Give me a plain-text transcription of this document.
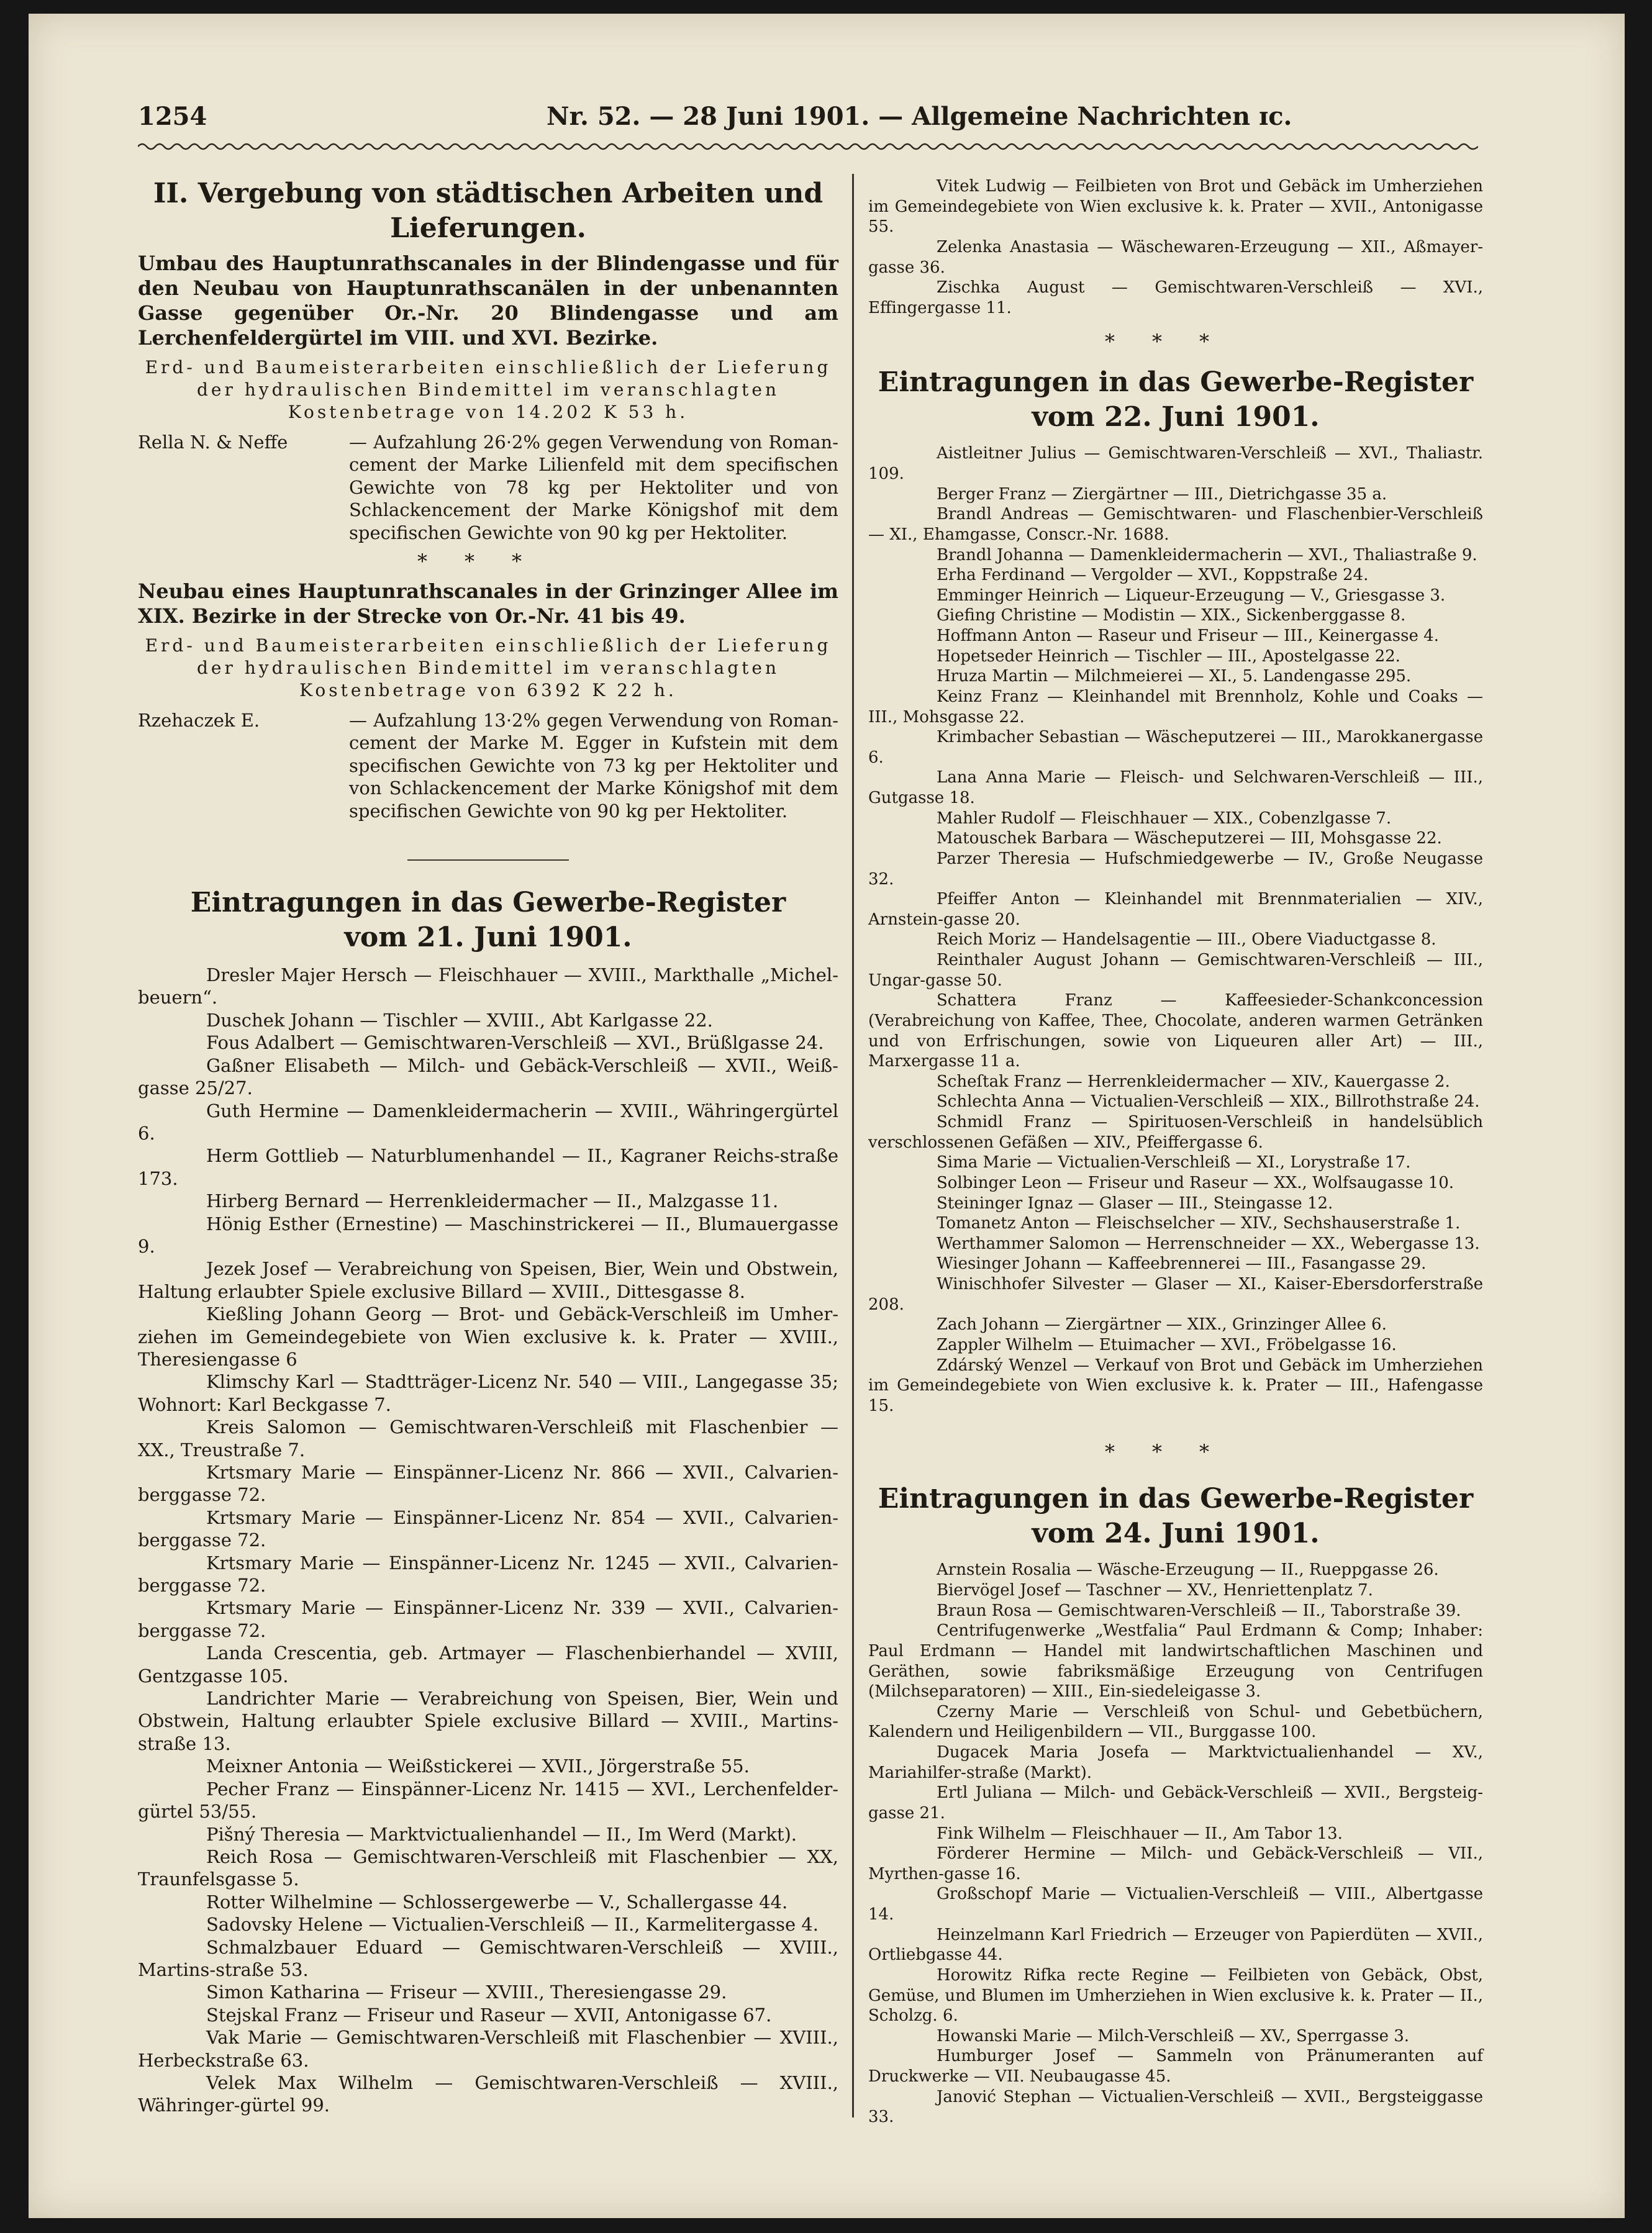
1254	Nr. 52. — 28 Juni 1901. — Allgemeine Nachrichten ɪc.

II. Vergebung von städtischen Arbeiten und

Lieferungen.

Umbau des Hauptunrathscanales in der Blindengasse und für den Neubau von Hauptunrathscanälen in der unbenannten Gasse gegenüber Or.-Nr. 20 Blindengasse und am Lerchenfeldergürtel im VIII. und XVI. Bezirke.

Erd- und Baumeisterarbeiten einschließlich der Lieferung der hydraulischen Bindemittel im veranschlagten Kostenbetrage von 14.202 K 53 h.

Rella N. & Neffe	— Aufzahlung 26·2% gegen Verwendung von Roman-cement der Marke Lilienfeld mit dem specifischen Gewichte von 78 kg per Hektoliter und von Schlackencement der Marke Königshof mit dem specifischen Gewichte von 90 kg per Hektoliter.

***

Neubau eines Hauptunrathscanales in der Grinzinger Allee im XIX. Bezirke in der Strecke von Or.-Nr. 41 bis 49.

Erd- und Baumeisterarbeiten einschließlich der Lieferung der hydraulischen Bindemittel im veranschlagten Kostenbetrage von 6392 K 22 h.

Rzehaczek E.	— Aufzahlung 13·2% gegen Verwendung von Roman-cement der Marke M. Egger in Kufstein mit dem specifischen Gewichte von 73 kg per Hektoliter und von Schlackencement der Marke Königshof mit dem specifischen Gewichte von 90 kg per Hektoliter.

Eintragungen in das Gewerbe-Register

vom 21. Juni 1901.

Dresler Majer Hersch — Fleischhauer — XVIII., Markthalle „Michel-beuern“.

Duschek Johann — Tischler — XVIII., Abt Karlgasse 22.

Fous Adalbert — Gemischtwaren-Verschleiß — XVI., Brüßlgasse 24.

Gaßner Elisabeth — Milch- und Gebäck-Verschleiß — XVII., Weiß-gasse 25/27.

Guth Hermine — Damenkleidermacherin — XVIII., Währingergürtel 6.

Herm Gottlieb — Naturblumenhandel — II., Kagraner Reichs-straße 173.

Hirberg Bernard — Herrenkleidermacher — II., Malzgasse 11.

Hönig Esther (Ernestine) — Maschinstrickerei — II., Blumauergasse 9.

Jezek Josef — Verabreichung von Speisen, Bier, Wein und Obstwein, Haltung erlaubter Spiele exclusive Billard — XVIII., Dittesgasse 8.

Kießling Johann Georg — Brot- und Gebäck-Verschleiß im Umher-ziehen im Gemeindegebiete von Wien exclusive k. k. Prater — XVIII., Theresiengasse 6

Klimschy Karl — Stadtträger-Licenz Nr. 540 — VIII., Langegasse 35; Wohnort: Karl Beckgasse 7.

Kreis Salomon — Gemischtwaren-Verschleiß mit Flaschenbier — XX., Treustraße 7.

Krtsmary Marie — Einspänner-Licenz Nr. 866 — XVII., Calvarien-berggasse 72.

Krtsmary Marie — Einspänner-Licenz Nr. 854 — XVII., Calvarien-berggasse 72.

Krtsmary Marie — Einspänner-Licenz Nr. 1245 — XVII., Calvarien-berggasse 72.

Krtsmary Marie — Einspänner-Licenz Nr. 339 — XVII., Calvarien-berggasse 72.

Landa Crescentia, geb. Artmayer — Flaschenbierhandel — XVIII, Gentzgasse 105.

Landrichter Marie — Verabreichung von Speisen, Bier, Wein und Obstwein, Haltung erlaubter Spiele exclusive Billard — XVIII., Martins-straße 13.

Meixner Antonia — Weißstickerei — XVII., Jörgerstraße 55.

Pecher Franz — Einspänner-Licenz Nr. 1415 — XVI., Lerchenfelder-gürtel 53/55.

Pišný Theresia — Marktvictualienhandel — II., Im Werd (Markt).

Reich Rosa — Gemischtwaren-Verschleiß mit Flaschenbier — XX, Traunfelsgasse 5.

Rotter Wilhelmine — Schlossergewerbe — V., Schallergasse 44.

Sadovsky Helene — Victualien-Verschleiß — II., Karmelitergasse 4.

Schmalzbauer Eduard — Gemischtwaren-Verschleiß — XVIII., Martins-straße 53.

Simon Katharina — Friseur — XVIII., Theresiengasse 29.

Stejskal Franz — Friseur und Raseur — XVII, Antonigasse 67.

Vak Marie — Gemischtwaren-Verschleiß mit Flaschenbier — XVIII., Herbeckstraße 63.

Velek Max Wilhelm — Gemischtwaren-Verschleiß — XVIII., Währinger-gürtel 99.

Vitek Ludwig — Feilbieten von Brot und Gebäck im Umherziehen im Gemeindegebiete von Wien exclusive k. k. Prater — XVII., Antonigasse 55.

Zelenka Anastasia — Wäschewaren-Erzeugung — XII., Aßmayer-gasse 36.

Zischka August — Gemischtwaren-Verschleiß — XVI., Effingergasse 11.

***

Eintragungen in das Gewerbe-Register

vom 22. Juni 1901.

Aistleitner Julius — Gemischtwaren-Verschleiß — XVI., Thaliastr. 109.

Berger Franz — Ziergärtner — III., Dietrichgasse 35 a.

Brandl Andreas — Gemischtwaren- und Flaschenbier-Verschleiß — XI., Ehamgasse, Conscr.-Nr. 1688.

Brandl Johanna — Damenkleidermacherin — XVI., Thaliastraße 9.

Erha Ferdinand — Vergolder — XVI., Koppstraße 24.

Emminger Heinrich — Liqueur-Erzeugung — V., Griesgasse 3.

Giefing Christine — Modistin — XIX., Sickenberggasse 8.

Hoffmann Anton — Raseur und Friseur — III., Keinergasse 4.

Hopetseder Heinrich — Tischler — III., Apostelgasse 22.

Hruza Martin — Milchmeierei — XI., 5. Landengasse 295.

Keinz Franz — Kleinhandel mit Brennholz, Kohle und Coaks — III., Mohsgasse 22.

Krimbacher Sebastian — Wäscheputzerei — III., Marokkanergasse 6.

Lana Anna Marie — Fleisch- und Selchwaren-Verschleiß — III., Gutgasse 18.

Mahler Rudolf — Fleischhauer — XIX., Cobenzlgasse 7.

Matouschek Barbara — Wäscheputzerei — III, Mohsgasse 22.

Parzer Theresia — Hufschmiedgewerbe — IV., Große Neugasse 32.

Pfeiffer Anton — Kleinhandel mit Brennmaterialien — XIV., Arnstein-gasse 20.

Reich Moriz — Handelsagentie — III., Obere Viaductgasse 8.

Reinthaler August Johann — Gemischtwaren-Verschleiß — III., Ungar-gasse 50.

Schattera Franz — Kaffeesieder-Schankconcession (Verabreichung von Kaffee, Thee, Chocolate, anderen warmen Getränken und von Erfrischungen, sowie von Liqueuren aller Art) — III., Marxergasse 11 a.

Scheſtak Franz — Herrenkleidermacher — XIV., Kauergasse 2.

Schlechta Anna — Victualien-Verschleiß — XIX., Billrothstraße 24.

Schmidl Franz — Spirituosen-Verschleiß in handelsüblich verschlossenen Gefäßen — XIV., Pfeiffergasse 6.

Sima Marie — Victualien-Verschleiß — XI., Lorystraße 17.

Solbinger Leon — Friseur und Raseur — XX., Wolfsaugasse 10.

Steininger Ignaz — Glaser — III., Steingasse 12.

Tomanetz Anton — Fleischselcher — XIV., Sechshauserstraße 1.

Werthammer Salomon — Herrenschneider — XX., Webergasse 13.

Wiesinger Johann — Kaffeebrennerei — III., Fasangasse 29.

Winischhofer Silvester — Glaser — XI., Kaiser-Ebersdorferstraße 208.

Zach Johann — Ziergärtner — XIX., Grinzinger Allee 6.

Zappler Wilhelm — Etuimacher — XVI., Fröbelgasse 16.

Zdárský Wenzel — Verkauf von Brot und Gebäck im Umherziehen im Gemeindegebiete von Wien exclusive k. k. Prater — III., Hafengasse 15.

***

Eintragungen in das Gewerbe-Register

vom 24. Juni 1901.

Arnstein Rosalia — Wäsche-Erzeugung — II., Rueppgasse 26.

Biervögel Josef — Taschner — XV., Henriettenplatz 7.

Braun Rosa — Gemischtwaren-Verschleiß — II., Taborstraße 39.

Centrifugenwerke „Westfalia“ Paul Erdmann & Comp; Inhaber: Paul Erdmann — Handel mit landwirtschaftlichen Maschinen und Geräthen, sowie fabriksmäßige Erzeugung von Centrifugen (Milchseparatoren) — XIII., Ein-siedeleigasse 3.

Czerny Marie — Verschleiß von Schul- und Gebetbüchern, Kalendern und Heiligenbildern — VII., Burggasse 100.

Dugacek Maria Josefa — Marktvictualienhandel — XV., Mariahilfer-straße (Markt).

Ertl Juliana — Milch- und Gebäck-Verschleiß — XVII., Bergsteig-gasse 21.

Fink Wilhelm — Fleischhauer — II., Am Tabor 13.

Förderer Hermine — Milch- und Gebäck-Verschleiß — VII., Myrthen-gasse 16.

Großschopf Marie — Victualien-Verschleiß — VIII., Albertgasse 14.

Heinzelmann Karl Friedrich — Erzeuger von Papierdüten — XVII., Ortliebgasse 44.

Horowitz Rifka recte Regine — Feilbieten von Gebäck, Obst, Gemüse, und Blumen im Umherziehen in Wien exclusive k. k. Prater — II., Scholzg. 6.

Howanski Marie — Milch-Verschleiß — XV., Sperrgasse 3.

Humburger Josef — Sammeln von Pränumeranten auf Druckwerke — VII. Neubaugasse 45.

Janović Stephan — Victualien-Verschleiß — XVII., Bergsteiggasse 33.
